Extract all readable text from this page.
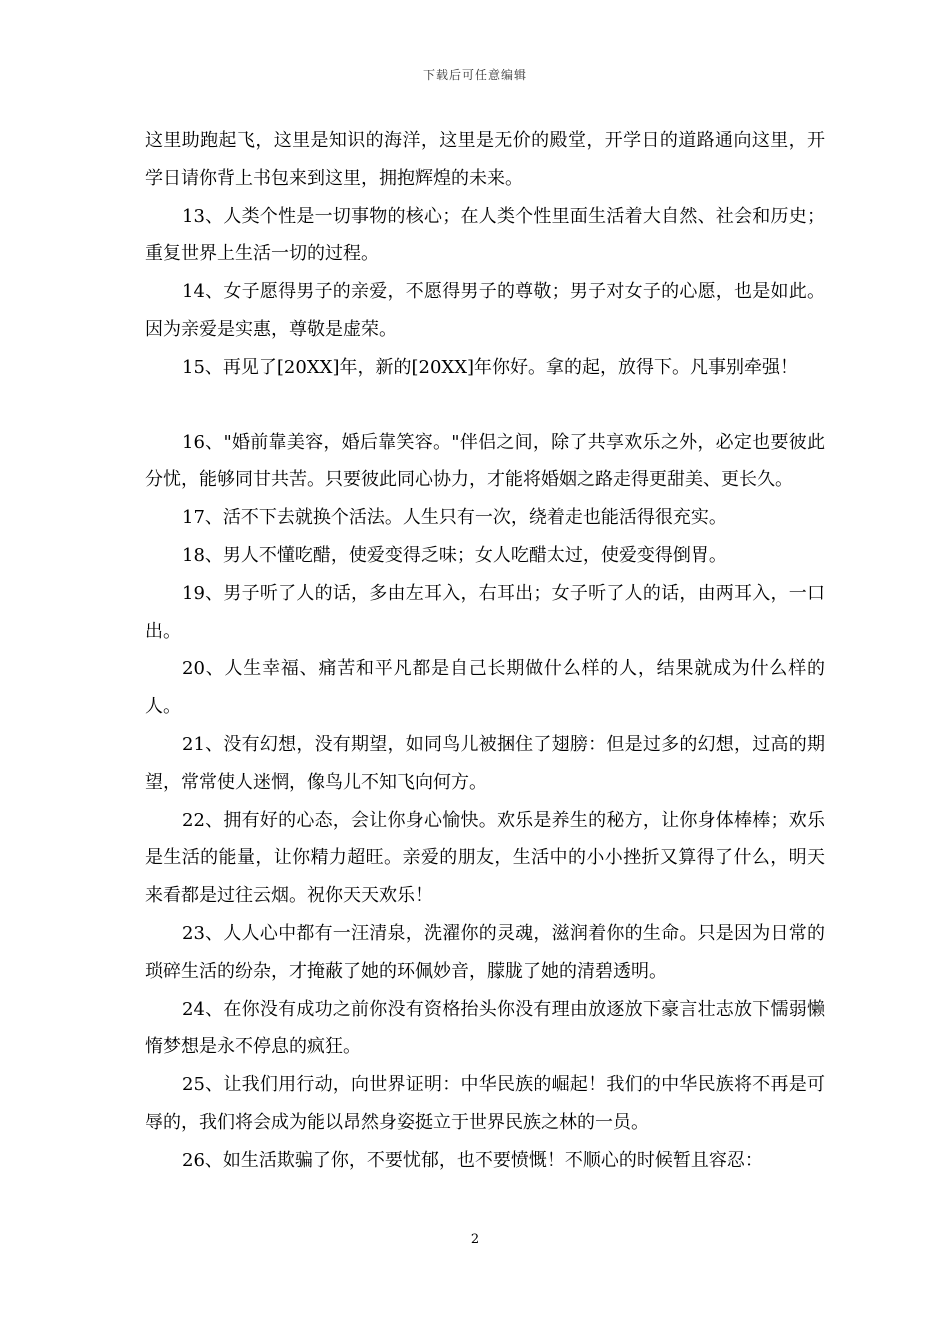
下载后可任意编辑

这里助跑起飞，这里是知识的海洋，这里是无价的殿堂，开学日的道路通向这里，开学日请你背上书包来到这里，拥抱辉煌的未来。

13、人类个性是一切事物的核心；在人类个性里面生活着大自然、社会和历史；重复世界上生活一切的过程。

14、女子愿得男子的亲爱，不愿得男子的尊敬；男子对女子的心愿，也是如此。因为亲爱是实惠，尊敬是虚荣。

15、再见了[20XX]年，新的[20XX]年你好。拿的起，放得下。凡事别牵强！

16、"婚前靠美容，婚后靠笑容。"伴侣之间，除了共享欢乐之外，必定也要彼此分忧，能够同甘共苦。只要彼此同心协力，才能将婚姻之路走得更甜美、更长久。

17、活不下去就换个活法。人生只有一次，绕着走也能活得很充实。

18、男人不懂吃醋，使爱变得乏味；女人吃醋太过，使爱变得倒胃。

19、男子听了人的话，多由左耳入，右耳出；女子听了人的话，由两耳入，一口出。

20、人生幸福、痛苦和平凡都是自己长期做什么样的人，结果就成为什么样的人。

21、没有幻想，没有期望，如同鸟儿被捆住了翅膀：但是过多的幻想，过高的期望，常常使人迷惘，像鸟儿不知飞向何方。

22、拥有好的心态，会让你身心愉快。欢乐是养生的秘方，让你身体棒棒；欢乐是生活的能量，让你精力超旺。亲爱的朋友，生活中的小小挫折又算得了什么，明天来看都是过往云烟。祝你天天欢乐！

23、人人心中都有一汪清泉，洗濯你的灵魂，滋润着你的生命。只是因为日常的琐碎生活的纷杂，才掩蔽了她的环佩妙音，朦胧了她的清碧透明。

24、在你没有成功之前你没有资格抬头你没有理由放逐放下豪言壮志放下懦弱懒惰梦想是永不停息的疯狂。

25、让我们用行动，向世界证明：中华民族的崛起！我们的中华民族将不再是可辱的，我们将会成为能以昂然身姿挺立于世界民族之林的一员。

26、如生活欺骗了你，不要忧郁，也不要愤慨！不顺心的时候暂且容忍：

2
